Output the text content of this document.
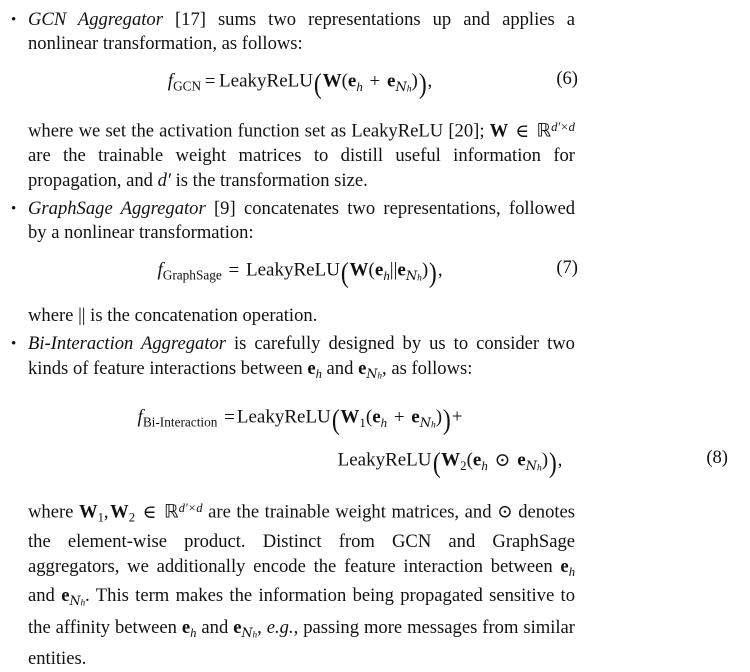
• GCN Aggregator [17] sums two representations up and applies a nonlinear transformation, as follows:

$f_{GCN}$ = $LeakyReLU(W(e_h + e_{Nh}))$,	(6)

where we set the activation function set as LeakyReLU [20]; W ∈ ℝ$^{d'\times d}$ are the trainable weight matrices to distill useful information for propagation, and d′ is the transformation size.

• GraphSage Aggregator [9] concatenates two representations, followed by a nonlinear transformation:

$f_{GraphSage}$ = $LeakyReLU(W(e_h||e_{Nh}))$,	(7)

where || is the concatenation operation.

• Bi-Interaction Aggregator is carefully designed by us to consider two kinds of feature interactions between $e_h$ and $e_{Nh}$, as follows:

$f_{Bi-Interaction}$ = $LeakyReLU(W_1(e_h + e_{Nh}))+$
$LeakyReLU(W_2(e_h$ ⊙ $e_{Nh}$)),	(8)

where $W_1$, $W_2$ ∈ ℝ$^{d'\times d}$ are the trainable weight matrices, and ⊙ denotes the element-wise product. Distinct from GCN and GraphSage aggregators, we additionally encode the feature interaction between $e_h$ and $e_{Nh}$. This term makes the information being propagated sensitive to the affinity between $e_h$ and $e_{Nh}$, e.g., passing more messages from similar entities.
